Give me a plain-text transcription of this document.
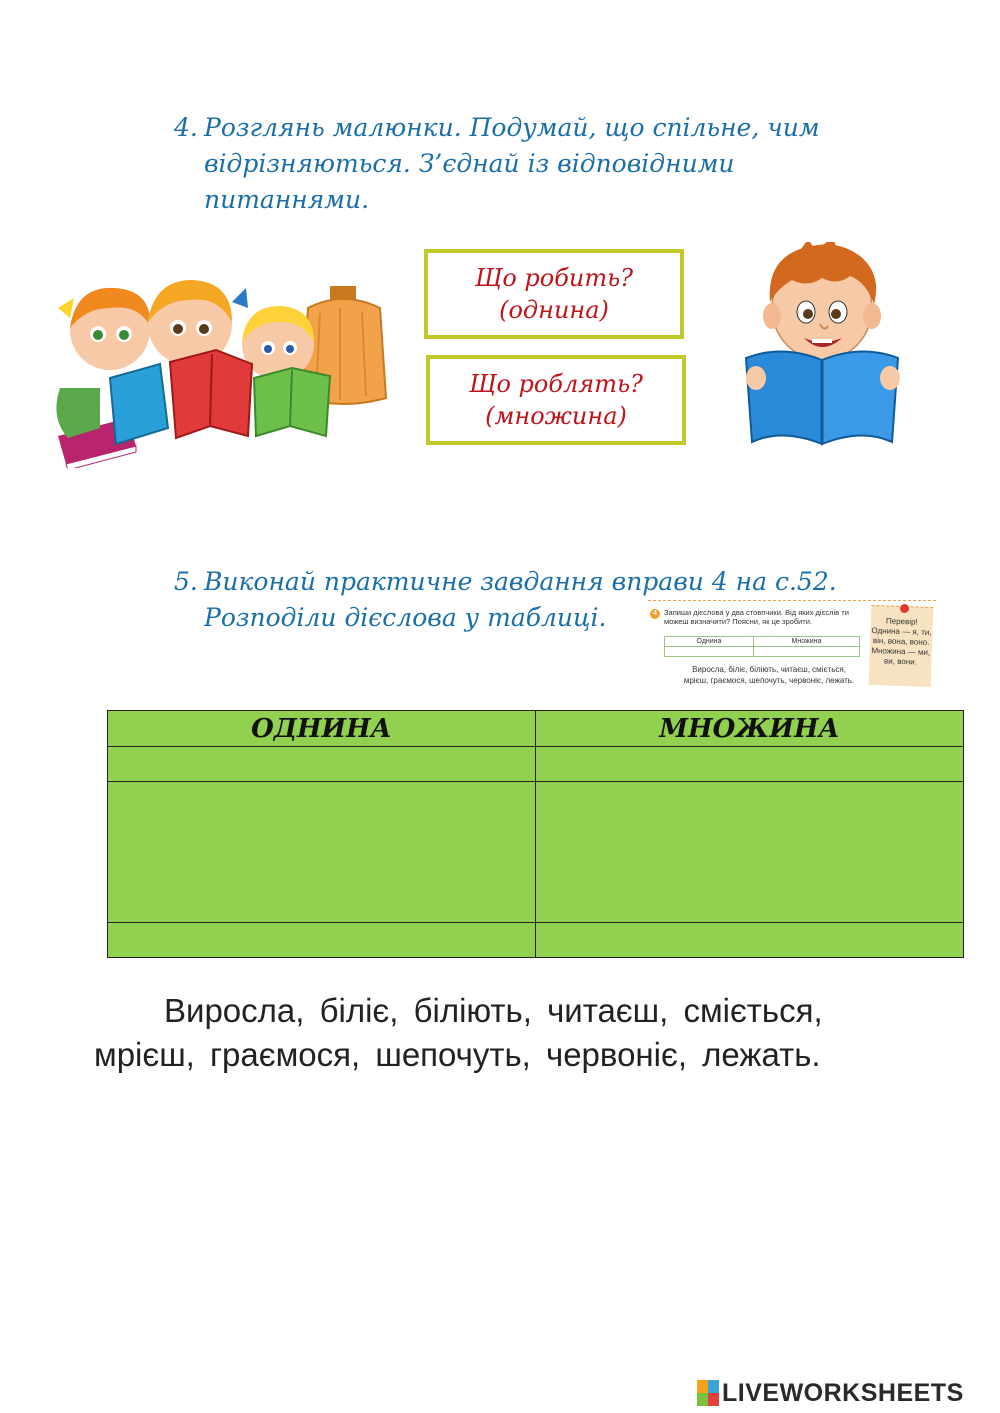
4. Розглянь малюнки. Подумай, що спільне, чим
відрізняються. З’єднай із відповідними
питаннями.
Що робить?
(однина)
Що роблять?
(множина)
5. Виконай практичне завдання вправи 4 на с.52.
Розподіли дієслова у таблиці.	4 Запиши дієслова у два стовпчики. Від яких дієслів ти можеш визначити? Поясни, як це зробити.
Однина	Множина

Виросла, біліє, біліють, читаєш, сміється,
мрієш, граємося, шепочуть, червоніє, лежать.
Перевір!
Однина — я, ти, він, вона, воно. Множина — ми, ви, вони.
ОДНИНА	МНОЖИНА

Виросла, біліє, біліють, читаєш, сміється,
мрієш, граємося, шепочуть, червоніє, лежать.
LIVEWORKSHEETS
